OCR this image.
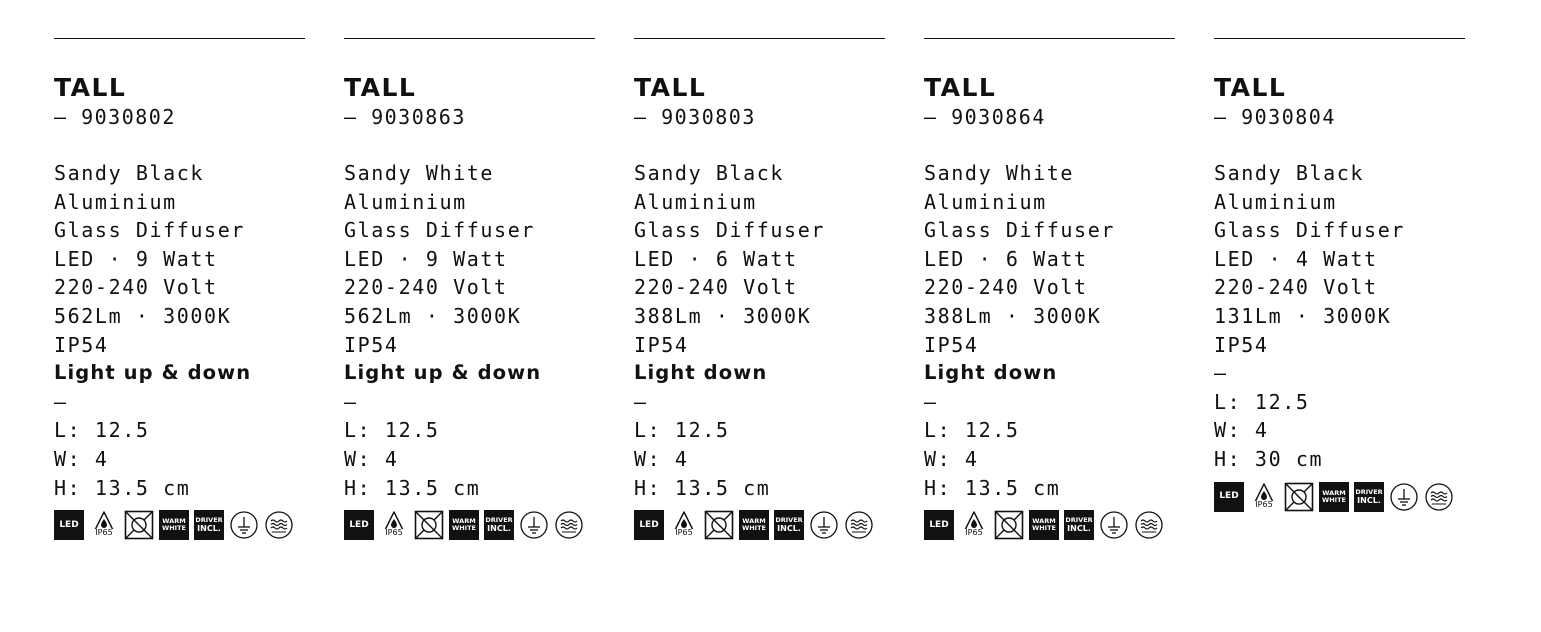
TALL
— 9030802
Sandy Black
Aluminium
Glass Diffuser
LED · 9 Watt
220-240 Volt
562Lm · 3000K
IP54
Light up & down
—
L: 12.5
W: 4
H: 13.5 cm
LED
IP65
WARM
WHITE
DRIVER
INCL.
TALL
— 9030863
Sandy White
Aluminium
Glass Diffuser
LED · 9 Watt
220-240 Volt
562Lm · 3000K
IP54
Light up & down
—
L: 12.5
W: 4
H: 13.5 cm
LED
IP65
WARM
WHITE
DRIVER
INCL.
TALL
— 9030803
Sandy Black
Aluminium
Glass Diffuser
LED · 6 Watt
220-240 Volt
388Lm · 3000K
IP54
Light down
—
L: 12.5
W: 4
H: 13.5 cm
LED
IP65
WARM
WHITE
DRIVER
INCL.
TALL
— 9030864
Sandy White
Aluminium
Glass Diffuser
LED · 6 Watt
220-240 Volt
388Lm · 3000K
IP54
Light down
—
L: 12.5
W: 4
H: 13.5 cm
LED
IP65
WARM
WHITE
DRIVER
INCL.
TALL
— 9030804
Sandy Black
Aluminium
Glass Diffuser
LED · 4 Watt
220-240 Volt
131Lm · 3000K
IP54
—
L: 12.5
W: 4
H: 30 cm
LED
IP65
WARM
WHITE
DRIVER
INCL.
